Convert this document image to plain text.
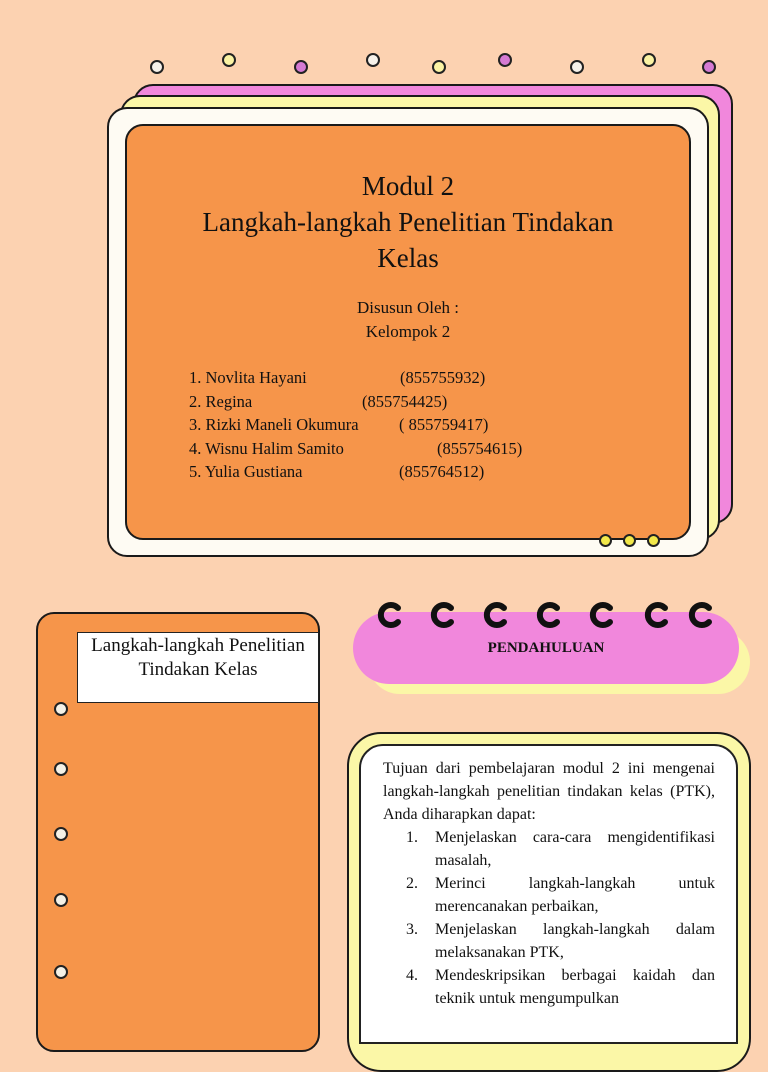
Modul 2
Langkah-langkah Penelitian Tindakan
Kelas
Disusun Oleh :
Kelompok 2
1. Novlita Hayani	(855755932)
2. Regina	(855754425)
3. Rizki Maneli Okumura ( 855759417)
4. Wisnu Halim Samito	(855754615)
5. Yulia Gustiana	(855764512)
Langkah-langkah Penelitian Tindakan Kelas
PENDAHULUAN
Tujuan dari pembelajaran modul 2 ini mengenai langkah-langkah penelitian tindakan kelas (PTK), Anda diharapkan dapat:
1. Menjelaskan cara-cara mengidentifikasi masalah,
2. Merinci langkah-langkah untuk merencanakan perbaikan,
3. Menjelaskan langkah-langkah dalam melaksanakan PTK,
4. Mendeskripsikan berbagai kaidah dan teknik untuk mengumpulkan
